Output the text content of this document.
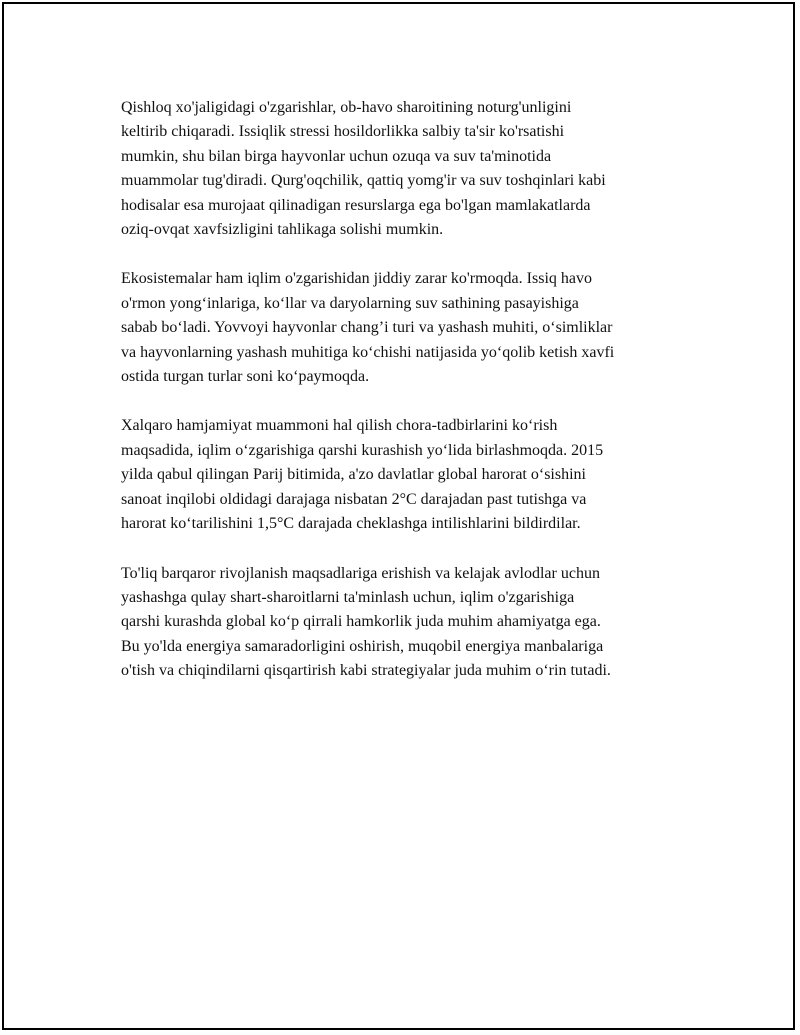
Qishloq xo'jaligidagi o'zgarishlar, ob-havo sharoitining noturg'unligini
keltirib chiqaradi. Issiqlik stressi hosildorlikka salbiy ta'sir ko'rsatishi
mumkin, shu bilan birga hayvonlar uchun ozuqa va suv ta'minotida
muammolar tug'diradi. Qurg'oqchilik, qattiq yomg'ir va suv toshqinlari kabi
hodisalar esa murojaat qilinadigan resurslarga ega bo'lgan mamlakatlarda
oziq-ovqat xavfsizligini tahlikaga solishi mumkin.

Ekosistemalar ham iqlim o'zgarishidan jiddiy zarar ko'rmoqda. Issiq havo
o'rmon yong‘inlariga, ko‘llar va daryolarning suv sathining pasayishiga
sabab bo‘ladi. Yovvoyi hayvonlar chang’i turi va yashash muhiti, o‘simliklar
va hayvonlarning yashash muhitiga ko‘chishi natijasida yo‘qolib ketish xavfi
ostida turgan turlar soni ko‘paymoqda.

Xalqaro hamjamiyat muammoni hal qilish chora-tadbirlarini ko‘rish
maqsadida, iqlim o‘zgarishiga qarshi kurashish yo‘lida birlashmoqda. 2015
yilda qabul qilingan Parij bitimida, a'zo davlatlar global harorat o‘sishini
sanoat inqilobi oldidagi darajaga nisbatan 2°C darajadan past tutishga va
harorat ko‘tarilishini 1,5°C darajada cheklashga intilishlarini bildirdilar.

To'liq barqaror rivojlanish maqsadlariga erishish va kelajak avlodlar uchun
yashashga qulay shart-sharoitlarni ta'minlash uchun, iqlim o'zgarishiga
qarshi kurashda global ko‘p qirrali hamkorlik juda muhim ahamiyatga ega.
Bu yo'lda energiya samaradorligini oshirish, muqobil energiya manbalariga
o'tish va chiqindilarni qisqartirish kabi strategiyalar juda muhim o‘rin tutadi.
